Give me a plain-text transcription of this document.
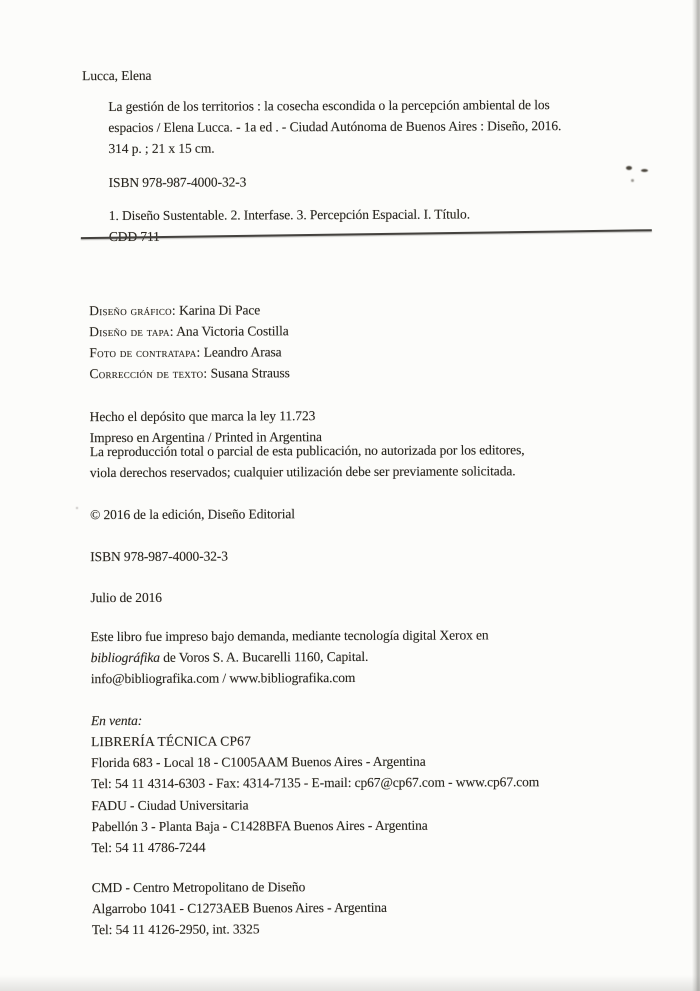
Lucca, Elena
La gestión de los territorios : la cosecha escondida o la percepción ambiental de los
espacios / Elena Lucca. - 1a ed . - Ciudad Autónoma de Buenos Aires : Diseño, 2016.
314 p. ; 21 x 15 cm.
ISBN 978-987-4000-32-3
1. Diseño Sustentable. 2. Interfase. 3. Percepción Espacial. I. Título.
Diseño gráfico: Karina Di Pace
Diseño de tapa: Ana Victoria Costilla
Foto de contratapa: Leandro Arasa
Corrección de texto: Susana Strauss
Hecho el depósito que marca la ley 11.723
Impreso en Argentina / Printed in Argentina
La reproducción total o parcial de esta publicación, no autorizada por los editores,
viola derechos reservados; cualquier utilización debe ser previamente solicitada.
© 2016 de la edición, Diseño Editorial
ISBN 978-987-4000-32-3
Julio de 2016
Este libro fue impreso bajo demanda, mediante tecnología digital Xerox en
bibliográfika de Voros S. A. Bucarelli 1160, Capital.
info@bibliografika.com / www.bibliografika.com
En venta:
LIBRERÍA TÉCNICA CP67
Florida 683 - Local 18 - C1005AAM Buenos Aires - Argentina
Tel: 54 11 4314-6303 - Fax: 4314-7135 - E-mail: cp67@cp67.com - www.cp67.com
FADU - Ciudad Universitaria
Pabellón 3 - Planta Baja - C1428BFA Buenos Aires - Argentina
Tel: 54 11 4786-7244
CMD - Centro Metropolitano de Diseño
Algarrobo 1041 - C1273AEB Buenos Aires - Argentina
Tel: 54 11 4126-2950, int. 3325
